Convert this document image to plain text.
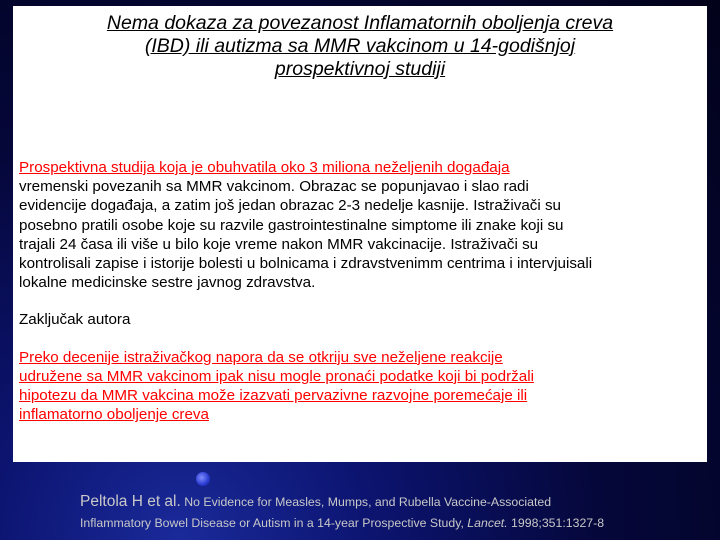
Nema dokaza za povezanost Inflamatornih oboljenja creva
(IBD) ili autizma sa MMR vakcinom u 14-godišnjoj
prospektivnoj studiji
Prospektivna studija koja je obuhvatila oko 3 miliona neželjenih događaja
vremenski povezanih sa MMR vakcinom. Obrazac se popunjavao i slao radi
evidencije događaja, a zatim još jedan obrazac 2-3 nedelje kasnije. Istraživači su
posebno pratili osobe koje su razvile gastrointestinalne simptome ili znake koji su
trajali 24 časa ili više u bilo koje vreme nakon MMR vakcinacije. Istraživači su
kontrolisali zapise i istorije bolesti u bolnicama i zdravstvenimm centrima i intervjuisali
lokalne medicinske sestre javnog zdravstva.
Zaključak autora
Preko decenije istraživačkog napora da se otkriju sve neželjene reakcije
udružene sa MMR vakcinom ipak nisu mogle pronaći podatke koji bi podržali
hipotezu da MMR vakcina može izazvati pervazivne razvojne poremećaje ili
inflamatorno oboljenje creva
Peltola H et al. No Evidence for Measles, Mumps, and Rubella Vaccine-Associated
Inflammatory Bowel Disease or Autism in a 14-year Prospective Study, Lancet. 1998;351:1327-8
